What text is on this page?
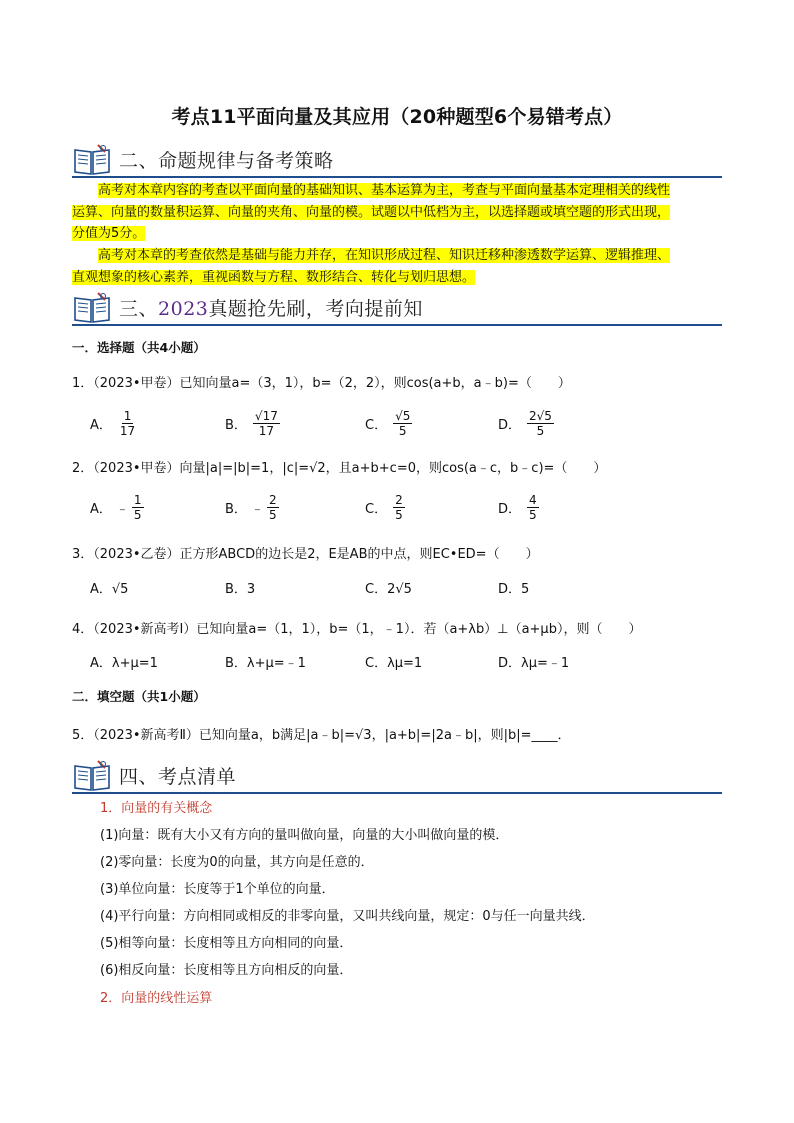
考点11平面向量及其应用（20种题型6个易错考点）
二、命题规律与备考策略
高考对本章内容的考查以平面向量的基础知识、基本运算为主，考查与平面向量基本定理相关的线性
运算、向量的数量积运算、向量的夹角、向量的模。试题以中低档为主，以选择题或填空题的形式出现，
分值为5分。
高考对本章的考查依然是基础与能力并存，在知识形成过程、知识迁移种渗透数学运算、逻辑推理、
直观想象的核心素养，重视函数与方程、数形结合、转化与划归思想。
三、2023真题抢先刷，考向提前知
一．选择题（共4小题）
1．（2023•甲卷）已知向量a=（3，1），b=（2，2），则cos(a+b，a﹣b)=（　　）
A． $\frac{1}{17}$	B． $\frac{√17}{17}$	C． $\frac{√5}{5}$	D． $\frac{2√5}{5}$
2．（2023•甲卷）向量|a|=|b|=1，|c|=√2，且a+b+c=0，则cos(a﹣c，b﹣c)=（　　）
A． ﹣ $\frac{1}{5}$	B． ﹣ $\frac{2}{5}$	C． $\frac{2}{5}$	D． $\frac{4}{5}$
3．（2023•乙卷）正方形ABCD的边长是2，E是AB的中点，则EC•ED=（　　）
A．√5	B．3	C．2√5	D．5
4．（2023•新高考Ⅰ）已知向量a=（1，1），b=（1，﹣1）．若（a+λb）⊥（a+μb），则（　　）
A．λ+μ=1	B．λ+μ=﹣1	C．λμ=1	D．λμ=﹣1
二．填空题（共1小题）
5．（2023•新高考Ⅱ）已知向量a，b满足|a﹣b|=√3，|a+b|=|2a﹣b|，则|b|=____．
四、考点清单
1．向量的有关概念
(1)向量：既有大小又有方向的量叫做向量，向量的大小叫做向量的模．
(2)零向量：长度为0的向量，其方向是任意的．
(3)单位向量：长度等于1个单位的向量．
(4)平行向量：方向相同或相反的非零向量，又叫共线向量，规定：0与任一向量共线．
(5)相等向量：长度相等且方向相同的向量．
(6)相反向量：长度相等且方向相反的向量．
2．向量的线性运算
